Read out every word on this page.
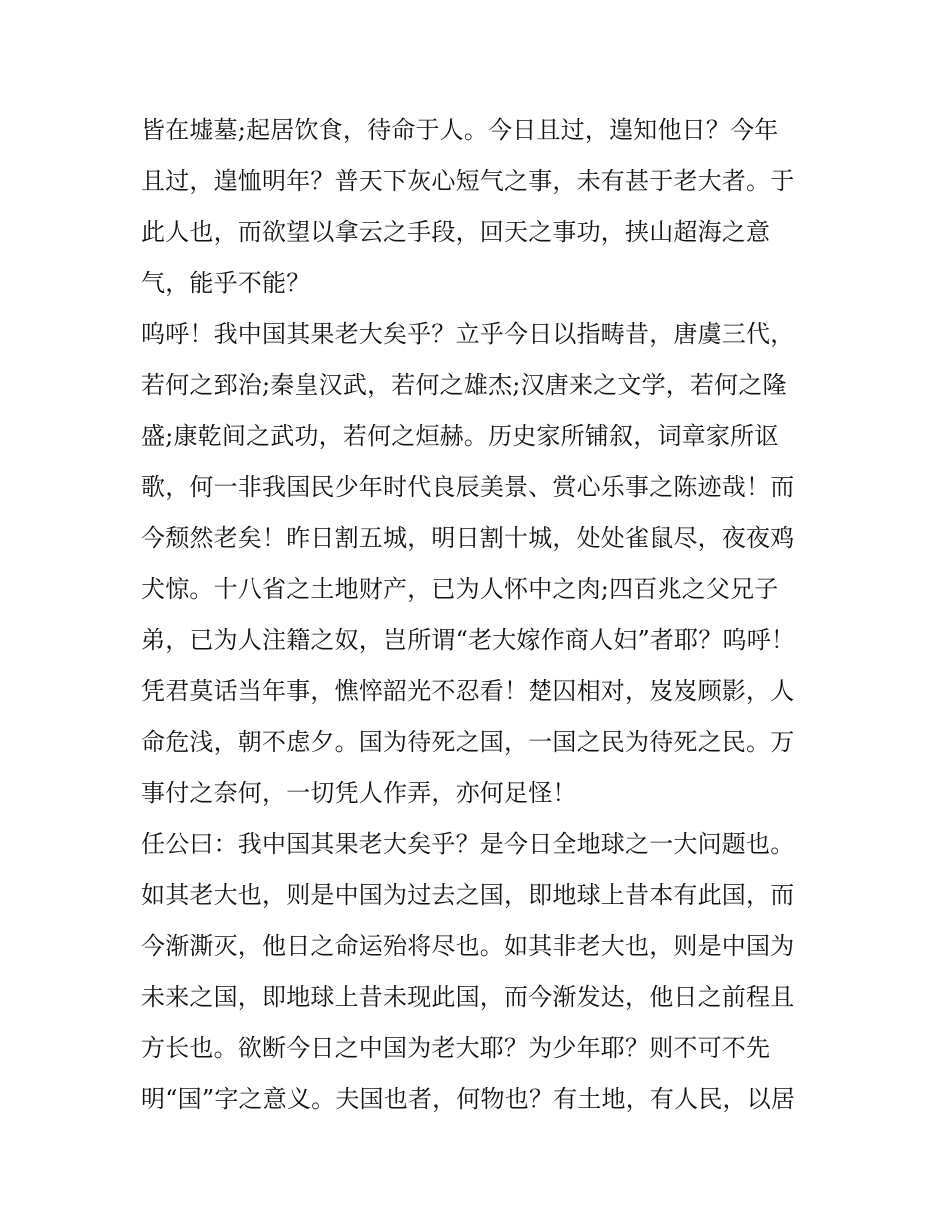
皆在墟墓;起居饮食，待命于人。今日且过，遑知他日？今年
且过，遑恤明年？普天下灰心短气之事，未有甚于老大者。于
此人也，而欲望以拿云之手段，回天之事功，挟山超海之意
气，能乎不能？
呜呼！我中国其果老大矣乎？立乎今日以指畴昔，唐虞三代，
若何之郅治;秦皇汉武，若何之雄杰;汉唐来之文学，若何之隆
盛;康乾间之武功，若何之烜赫。历史家所铺叙，词章家所讴
歌，何一非我国民少年时代良辰美景、赏心乐事之陈迹哉！而
今颓然老矣！昨日割五城，明日割十城，处处雀鼠尽，夜夜鸡
犬惊。十八省之土地财产，已为人怀中之肉;四百兆之父兄子
弟，已为人注籍之奴，岂所谓“老大嫁作商人妇”者耶？呜呼！
凭君莫话当年事，憔悴韶光不忍看！楚囚相对，岌岌顾影，人
命危浅，朝不虑夕。国为待死之国，一国之民为待死之民。万
事付之奈何，一切凭人作弄，亦何足怪！
任公曰：我中国其果老大矣乎？是今日全地球之一大问题也。
如其老大也，则是中国为过去之国，即地球上昔本有此国，而
今渐澌灭，他日之命运殆将尽也。如其非老大也，则是中国为
未来之国，即地球上昔未现此国，而今渐发达，他日之前程且
方长也。欲断今日之中国为老大耶？为少年耶？则不可不先
明“国”字之意义。夫国也者，何物也？有土地，有人民，以居
